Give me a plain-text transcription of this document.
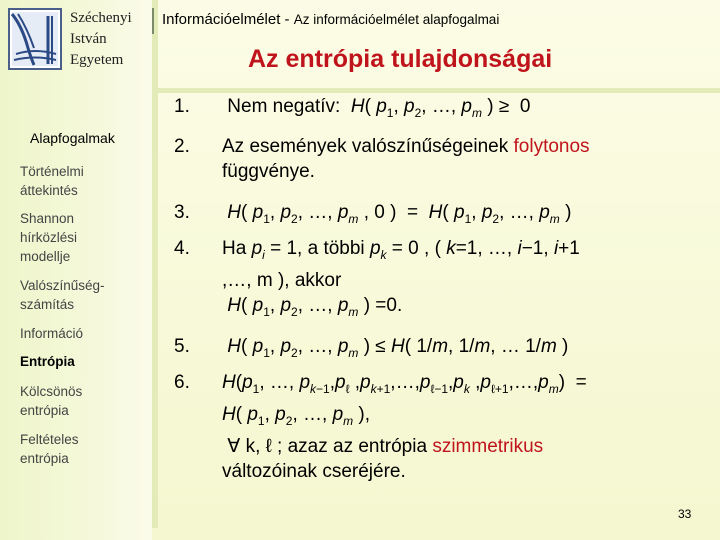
Széchenyi
István
Egyetem
Információelmélet - Az információelmélet alapfogalmai
Az entrópia tulajdonságai
Alapfogalmak
Történelmi
áttekintés
Shannon
hírközlési
modellje
Valószínűség-
számítás
Információ
Entrópia
Kölcsönös
entrópia
Feltételes
entrópia
1. Nem negatív:  H( $p_1$, $p_2$, …, $p_m$ ) ≥  0
2. Az események valószínűségeinek folytonos
függvénye.
3. H( $p_1$, $p_2$, …, $p_m$ , 0 )  =  H( $p_1$, $p_2$, …, $p_m$ )
4. Ha $p_i = 1$, a többi $p_k = 0$ , ( k=1, …, i−1, i+1
,…, m ), akkor
H( $p_1$, $p_2$, …, $p_m$ ) =0.
5. H( $p_1$, $p_2$, …, $p_m$ ) ≤ H( 1/m, 1/m, … 1/m )
6. $H(p_1$, …, $p_{k-1},p_\ell$ $,p_{k+1},\dots,p_{\ell-1},p_k$ $,p_{\ell+1},\dots,p_m$)  =
H( $p_1$, $p_2$, …, $p_m$ ),
∀ k, ℓ ; azaz az entrópia szimmetrikus
változóinak cseréjére.
33
